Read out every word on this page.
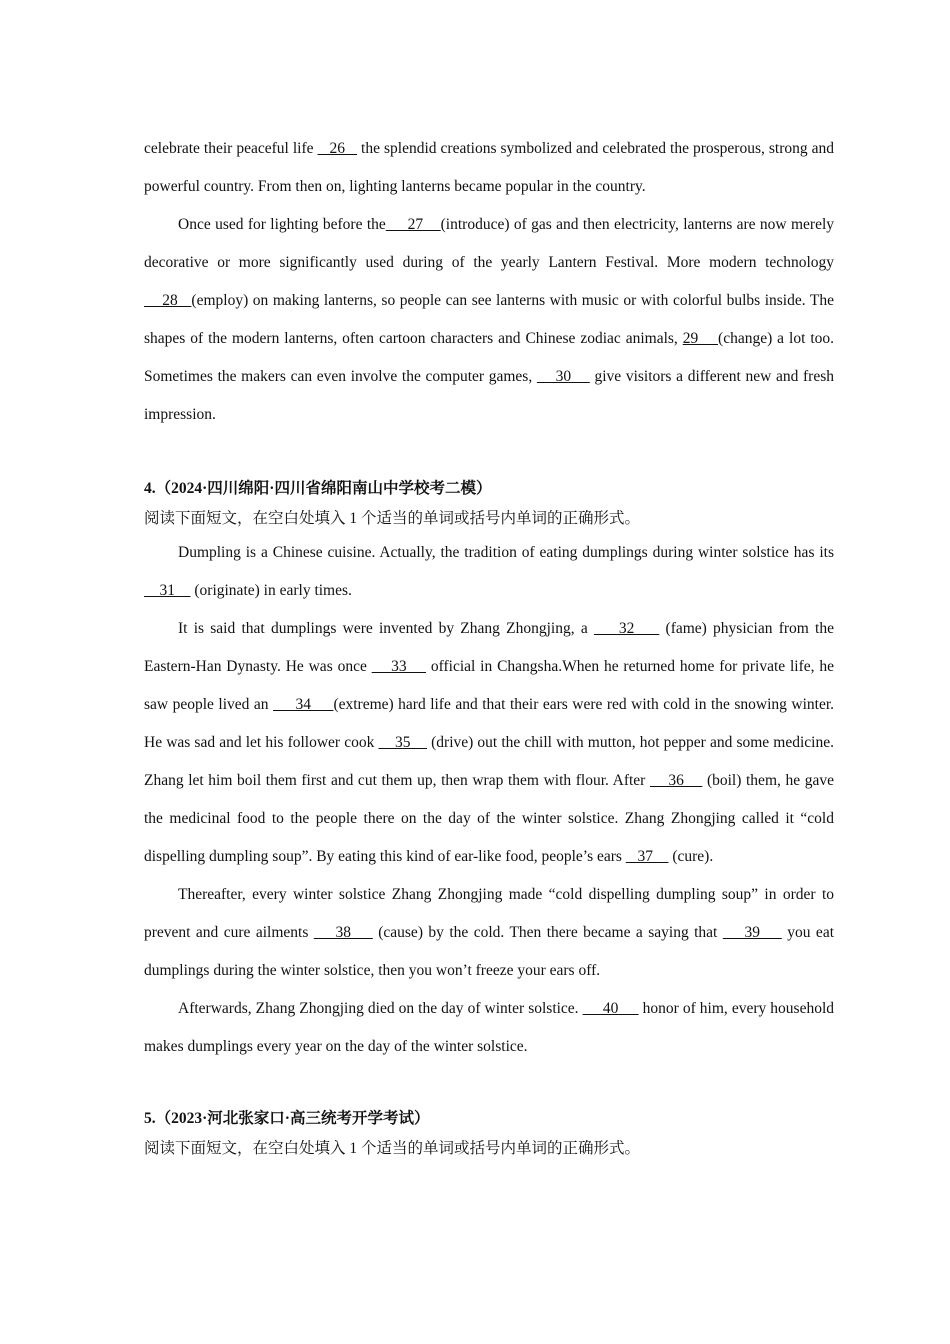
celebrate their peaceful life    26    the splendid creations symbolized and celebrated the prosperous, strong and powerful country. From then on, lighting lanterns became popular in the country.

Once used for lighting before the     27    (introduce) of gas and then electricity, lanterns are now merely decorative or more significantly used during of the yearly Lantern Festival. More modern technology    28   (employ) on making lanterns, so people can see lanterns with music or with colorful bulbs inside. The shapes of the modern lanterns, often cartoon characters and Chinese zodiac animals, 29    (change) a lot too. Sometimes the makers can even involve the computer games,     30     give visitors a different new and fresh impression.

4.（2024·四川绵阳·四川省绵阳南山中学校考二模）

阅读下面短文，在空白处填入 1 个适当的单词或括号内单词的正确形式。

Dumpling is a Chinese cuisine. Actually, the tradition of eating dumplings during winter solstice has its     31     (originate) in early times.

It is said that dumplings were invented by Zhang Zhongjing, a     32     (fame) physician from the Eastern-Han Dynasty. He was once     33     official in Changsha.When he returned home for private life, he saw people lived an      34     (extreme) hard life and that their ears were red with cold in the snowing winter. He was sad and let his follower cook     35     (drive) out the chill with mutton, hot pepper and some medicine. Zhang let him boil them first and cut them up, then wrap them with flour. After     36     (boil) them, he gave the medicinal food to the people there on the day of the winter solstice. Zhang Zhongjing called it “cold dispelling dumpling soup”. By eating this kind of ear-like food, people’s ears    37     (cure).

Thereafter, every winter solstice Zhang Zhongjing made “cold dispelling dumpling soup” in order to prevent and cure ailments     38     (cause) by the cold. Then there became a saying that     39     you eat dumplings during the winter solstice, then you won’t freeze your ears off.

Afterwards, Zhang Zhongjing died on the day of winter solstice.      40      honor of him, every household makes dumplings every year on the day of the winter solstice.

5.（2023·河北张家口·高三统考开学考试）

阅读下面短文，在空白处填入 1 个适当的单词或括号内单词的正确形式。
